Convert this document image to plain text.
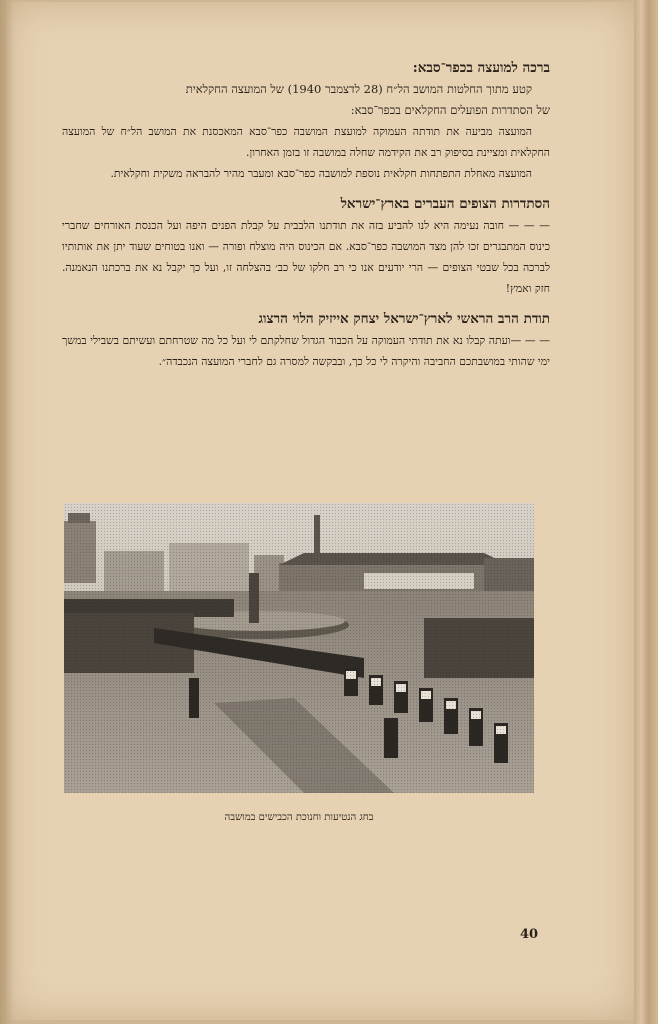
ברכה למועצה בכפר־סבא:

קטע מתוך החלטות המושב הל״ח (28 לדצמבר 1940) של המועצה החקלאית

של הסתדרות הפועלים החקלאים בכפר־סבא:

המועצה מביעה את תודתה העמוקה למועצת המושבה כפר־סבא המאכסנת את המושב הל״ח של המועצה החקלאית ומציינת בסיפוק רב את הקידמה שחלה במושבה זו בזמן האחרון.

המועצה מאחלת התפתחות חקלאית נוספת למושבה כפר־סבא ומעבר מהיר להבראה משקית וחקלאית.

הסתדרות הצופים העברים בארץ־ישראל

— — — חובה נעימה היא לנו להביע בזה את תודתנו הלבבית על קבלת הפנים היפה ועל הכנסת האורחים שחברי כינוס המתבגרים זכו להן מצד המושבה כפר־סבא. אם הכינוס היה מוצלח ופורה — ואנו בטוחים שעוד יתן את אותותיו לברכה בכל שבטי הצופים — הרי יודעים אנו כי רב חלקו של כב׳ בהצלחה זו, ועל כך יקבל נא את ברכתנו הנאמנה. חזק ואמץ!

תודת הרב הראשי לארץ־ישראל יצחק אייזיק הלוי הרצוג

— — —ועתה קבלו נא את תודתי העמוקה על הכבוד הגדול שחלקתם לי ועל כל מה שטרחתם ועשיתם בשבילי במשך ימי שהותי במושבתכם החביבה והיקרה לי כל כך, ובבקשה למסרה גם לחברי המועצה הנכבדה״.

בחג הנטיעות וחנוכת הכבישים במושבה
40
